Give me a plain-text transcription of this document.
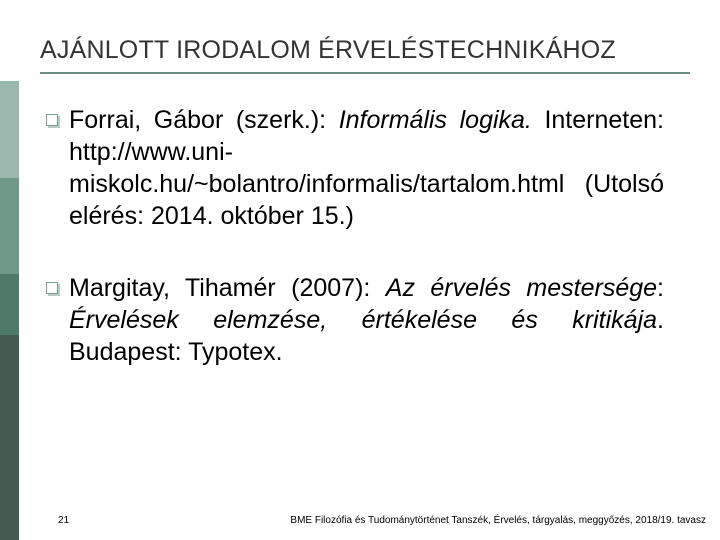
AJÁNLOTT IRODALOM ÉRVELÉSTECHNIKÁHOZ
Forrai, Gábor (szerk.): Informális logika. Interneten: http://www.uni-miskolc.hu/~bolantro/informalis/tartalom.html (Utolsó elérés: 2014. október 15.)
Margitay, Tihamér (2007): Az érvelés mestersége: Érvelések elemzése, értékelése és kritikája. Budapest: Typotex.
21	BME Filozófia és Tudománytörténet Tanszék, Érvelés, tárgyalás, meggyőzés, 2018/19. tavasz
